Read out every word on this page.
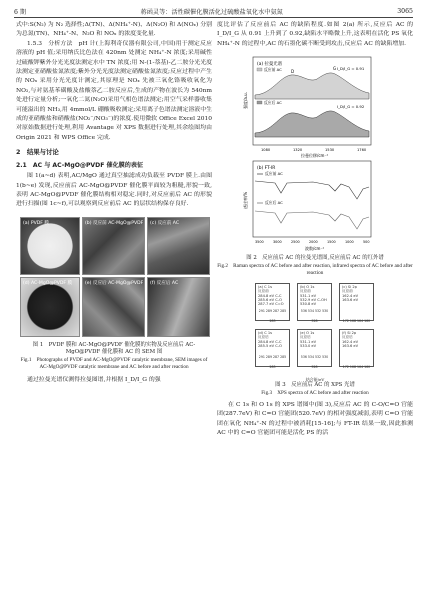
6 期	蒋函灵等：活性碳催化膜活化过硫酸盐氧化水中氨氮	3065

式中:S(N₂) 为 N₂ 选择性;Δ(TN)、Δ(NH₄⁺-N)、Δ(N₂O) 和 Δ(NOₓ) 分别为总氮(TN)、NH₄⁺-N、N₂O 和 NOₓ 的浓度变化量.

1.5.3　分析方法　pH 计(上海利奇仪器有限公司,中国)用于测定反应溶液的 pH 值;采用纳氏比色法在 420nm 处测定 NH₄⁺-N 浓度;采用碱性过硫酸钾紫外分光光度法测定水中 TN 浓度;用 N-(1-萘基)-乙二胺分光光度法测定亚硝酸盐氮浓度;紫外分光光度法测定硝酸盐氮浓度;反应过程中产生的 NOₓ 采用分光光度计测定,其原理是 NOₓ 先被三氧化铬吸收氧化为 NO₂,与对氨基苯磺酸及盐酸萘乙二胺反应后,生成的产物在波长为 540nm 处进行定量分析;一氧化二氮(N₂O)采用气相色谱法测定;用空气采样器收集可能溢出的 NH₃,用 4mmol/L 硼酸吸收测定;采用离子色谱法测定溶液中生成的亚硝酸盐和硝酸盐(NO₂⁻/NO₃⁻)的浓度.使用微软 Office Excel 2010 对原始数据进行处理,利用 Avantage 对 XPS 数据进行处理,其余绘图均由 Origin 2021 和 WPS Office 完成.

2　结果与讨论
2.1　AC 与 AC-MgO@PVDF 催化膜的表征

图 1(a~d) 表明,AC/MgO 通过真空抽滤成功负载至 PVDF 膜上.由图 1(b~e) 发现,反应前后 AC-MgO@PVDF 催化膜平面较为粗糙,形貌一致,表明 AC-MgO@PVDF 催化膜结构相对稳定.同时,对反应前后 AC 的形貌进行扫描(图 1c~f),可以观察到反应前后 AC 的层状结构保存良好.

(a) PVDF 膜	(b) 反应前 AC-MgO@PVDF (c) 反应前 AC
(d) AC-MgO@PVDF 膜	(e) 反应后 AC-MgO@PVDF (f) 反应后 AC

图 1　PVDF 膜和 AC-MgO@PVDF 催化膜的实物及反应前后 AC-MgO@PVDF 催化膜和 AC 的 SEM 图

Fig.1　Photographs of PVDF and AC-MgO@PVDF catalytic membrane, SEM images of AC-MgO@PVDF catalytic membrane and AC before and after reaction

通过拉曼光谱仪测得拉曼图谱,并根据 I_D/I_G 的强

度比评估了反应前后 AC 的缺陷程度.如图 2(a) 所示,反应后 AC 的 I_D/I_G 从 0.91 上升到了 0.92,缺陷水平略微上升,这表明在活化 PS 氧化 NH₄⁺-N 的过程中,AC 的石墨化碳不断受到攻击,反应后 AC 的缺陷增加.

(a) 拉曼光谱
反应前 AC
反应后 AC
I_D/I_G = 0.91
I_D/I_G = 0.92
D
G
强度/a.u.
1080	1320	1530	1760
拉曼位移/cm⁻¹
(b) FT-IR
反应前 AC
反应后 AC
透过率/%
3500	3000	2500	2000	1500	1000	500
波数/cm⁻¹

图 2　反应前后 AC 的拉曼光谱图,反应前后 AC 的红外谱

Fig.2　Raman spectra of AC before and after reaction, infrared spectra of AC before and after reaction

(a) C 1s
反应前
284.8 eV C-C
285.6 eV C-O
287.7 eV C=O
291 289 287 285 283
(b) O 1s
反应前
531.1 eV
532.9 eV C-OH
530.8 eV
536 534 532 530 528
(c) Si 2p
反应前
162.4 eV
163.6 eV
172 168 164 160
(d) C 1s
反应后
284.8 eV C-C
285.5 eV C-O
291 289 287 285 283
(e) O 1s
反应后
531.1 eV
533.0 eV
536 534 532 530 528
(f) Si 2p
反应后
162.4 eV
163.6 eV
172 168 164 160

结合能/eV

图 3　反应前后 AC 的 XPS 光谱

Fig.3　XPS spectra of AC before and after reaction

在 C 1s 和 O 1s 的 XPS 谱图中(图 3),反应后 AC 的 C-O/C=O 官能团(287.7eV) 和 C=O 官能团(520.7eV) 的相对强度减弱,表明 C=O 官能团在氧化 NH₄⁺-N 的过程中被消耗[15-16];与 FT-IR 结果一致,因此推测 AC 中的 C=O 官能团可能是活化 PS 的活
